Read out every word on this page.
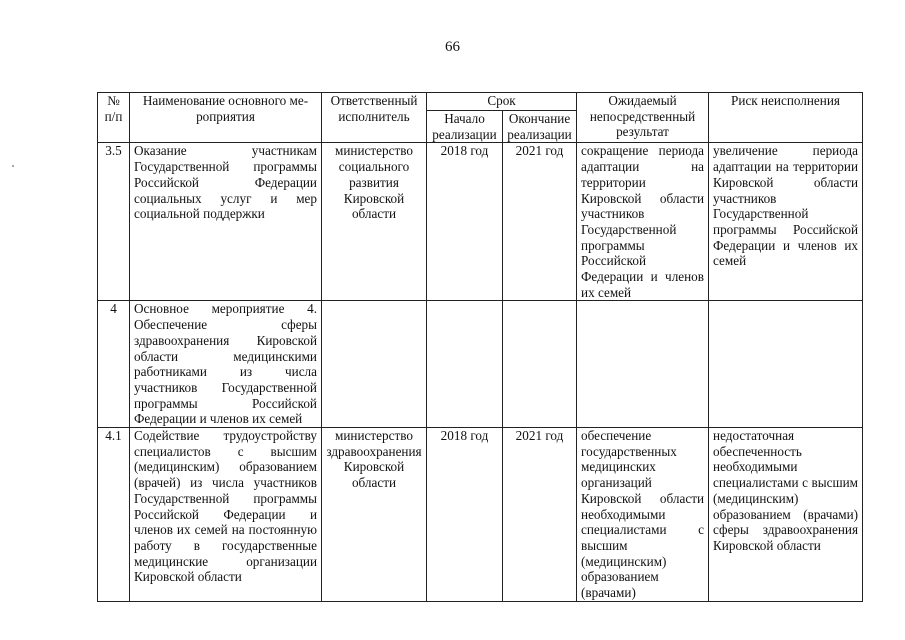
66
№ п/п	Наименование основного ме-роприятия	Ответственный исполнитель	Срок		Ожидаемый непосредственный результат	Риск неисполнения
			Начало реализации	Окончание реализации		
3.5	Оказание участникам Государственной программы Российской Федерации социальных услуг и мер социальной поддержки	министерство социального развития Кировской области	2018 год	2021 год	сокращение периода адаптации на территории Кировской области участников Государственной программы Российской Федерации и членов их семей	увеличение периода адаптации на территории Кировской области участников Государственной программы Российской Федерации и членов их семей
4	Основное мероприятие 4. Обеспечение сферы здравоохранения Кировской области медицинскими работниками из числа участников Государственной программы Российской Федерации и членов их семей					
4.1	Содействие трудоустройству специалистов с высшим (медицинским) образованием (врачей) из числа участников Государственной программы Российской Федерации и членов их семей на постоянную работу в государственные медицинские организации Кировской области	министерство здравоохранения Кировской области	2018 год	2021 год	обеспечение государственных медицинских организаций Кировской области необходимыми специалистами с высшим (медицинским) образованием (врачами)	недостаточная обеспеченность необходимыми специалистами с высшим (медицинским) образованием (врачами) сферы здравоохранения Кировской области
